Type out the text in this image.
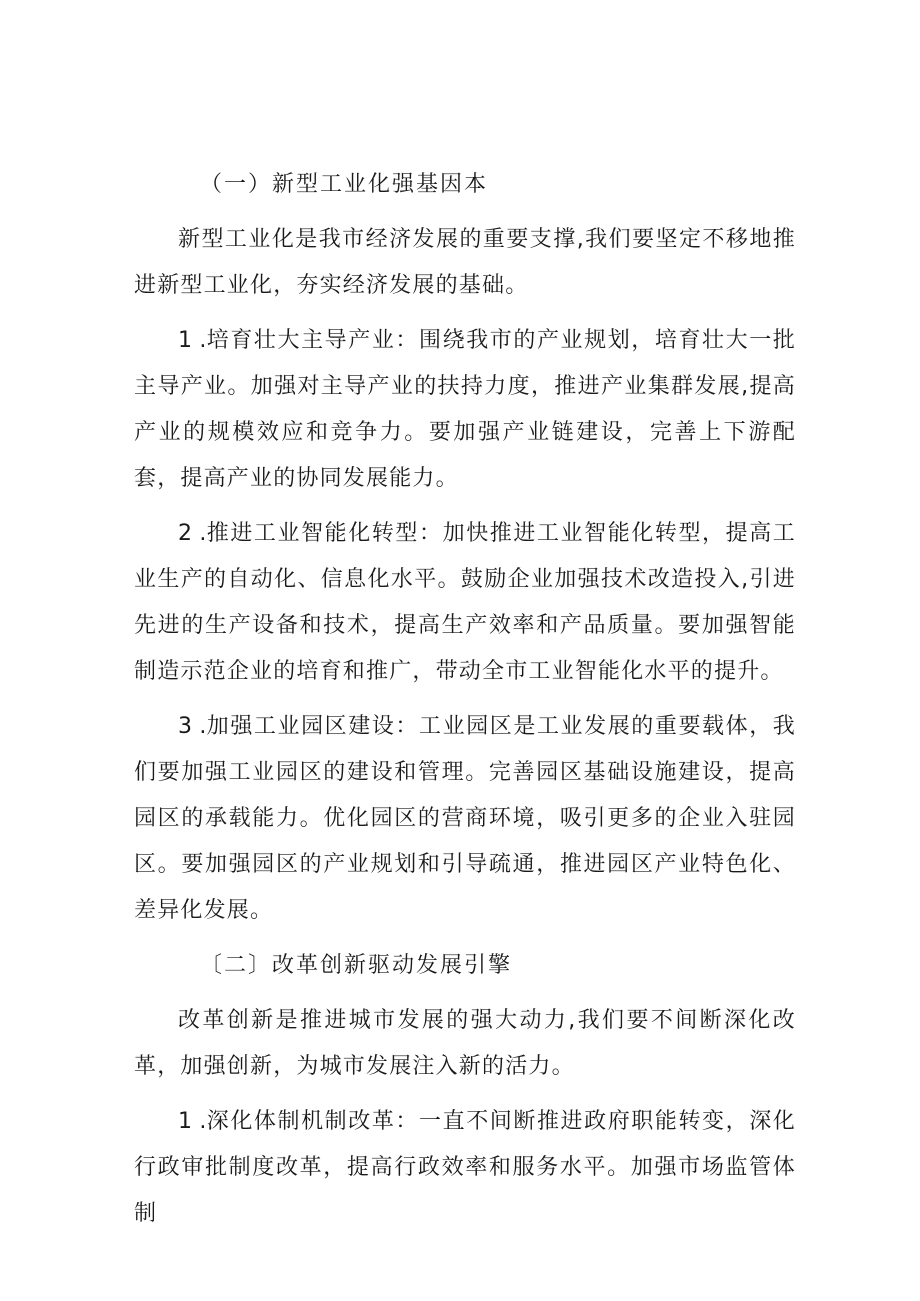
（一）新型工业化强基因本

新型工业化是我市经济发展的重要支撑,我们要坚定不移地推进新型工业化，夯实经济发展的基础。

1 .培育壮大主导产业：围绕我市的产业规划，培育壮大一批主导产业。加强对主导产业的扶持力度，推进产业集群发展,提高产业的规模效应和竞争力。要加强产业链建设，完善上下游配套，提高产业的协同发展能力。

2 .推进工业智能化转型：加快推进工业智能化转型，提高工业生产的自动化、信息化水平。鼓励企业加强技术改造投入,引进先进的生产设备和技术，提高生产效率和产品质量。要加强智能制造示范企业的培育和推广，带动全市工业智能化水平的提升。

3 .加强工业园区建设：工业园区是工业发展的重要载体，我们要加强工业园区的建设和管理。完善园区基础设施建设，提高园区的承载能力。优化园区的营商环境，吸引更多的企业入驻园区。要加强园区的产业规划和引导疏通，推进园区产业特色化、差异化发展。

〔二〕改革创新驱动发展引擎

改革创新是推进城市发展的强大动力,我们要不间断深化改革，加强创新，为城市发展注入新的活力。

1 .深化体制机制改革：一直不间断推进政府职能转变，深化行政审批制度改革，提高行政效率和服务水平。加强市场监管体制
